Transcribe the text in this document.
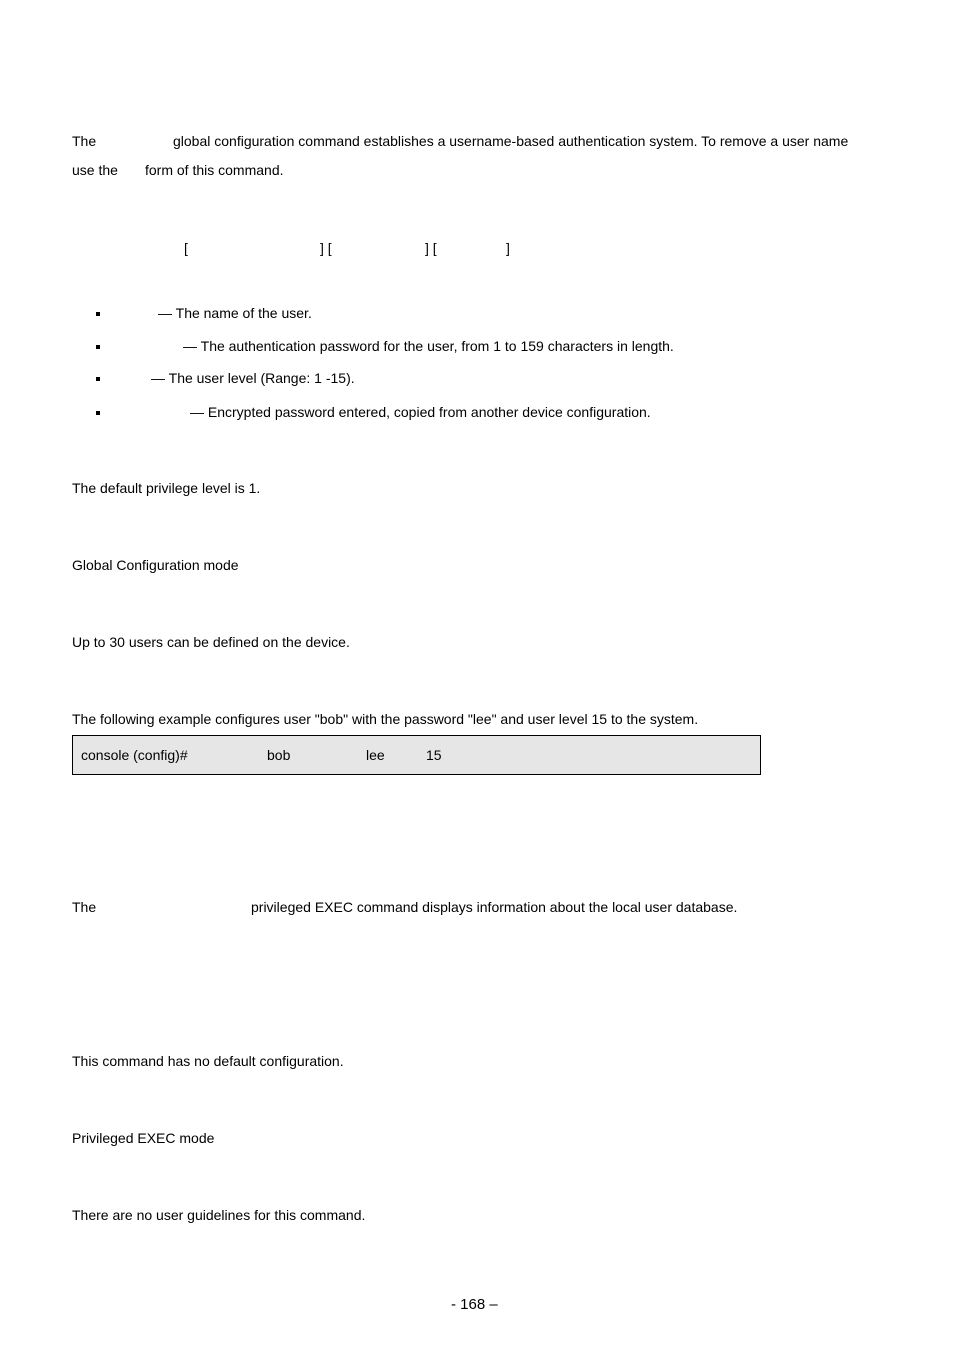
The	global configuration command establishes a username-based authentication system. To remove a user name
use the form of this command.
[	] [	] [	]
— The name of the user.
— The authentication password for the user, from 1 to 159 characters in length.
— The user level (Range: 1 -15).
— Encrypted password entered, copied from another device configuration.
The default privilege level is 1.
Global Configuration mode
Up to 30 users can be defined on the device.
The following example configures user "bob" with the password "lee" and user level 15 to the system.
console (config)#	bob	lee	15
The	privileged EXEC command displays information about the local user database.
This command has no default configuration.
Privileged EXEC mode
There are no user guidelines for this command.
- 168 –
